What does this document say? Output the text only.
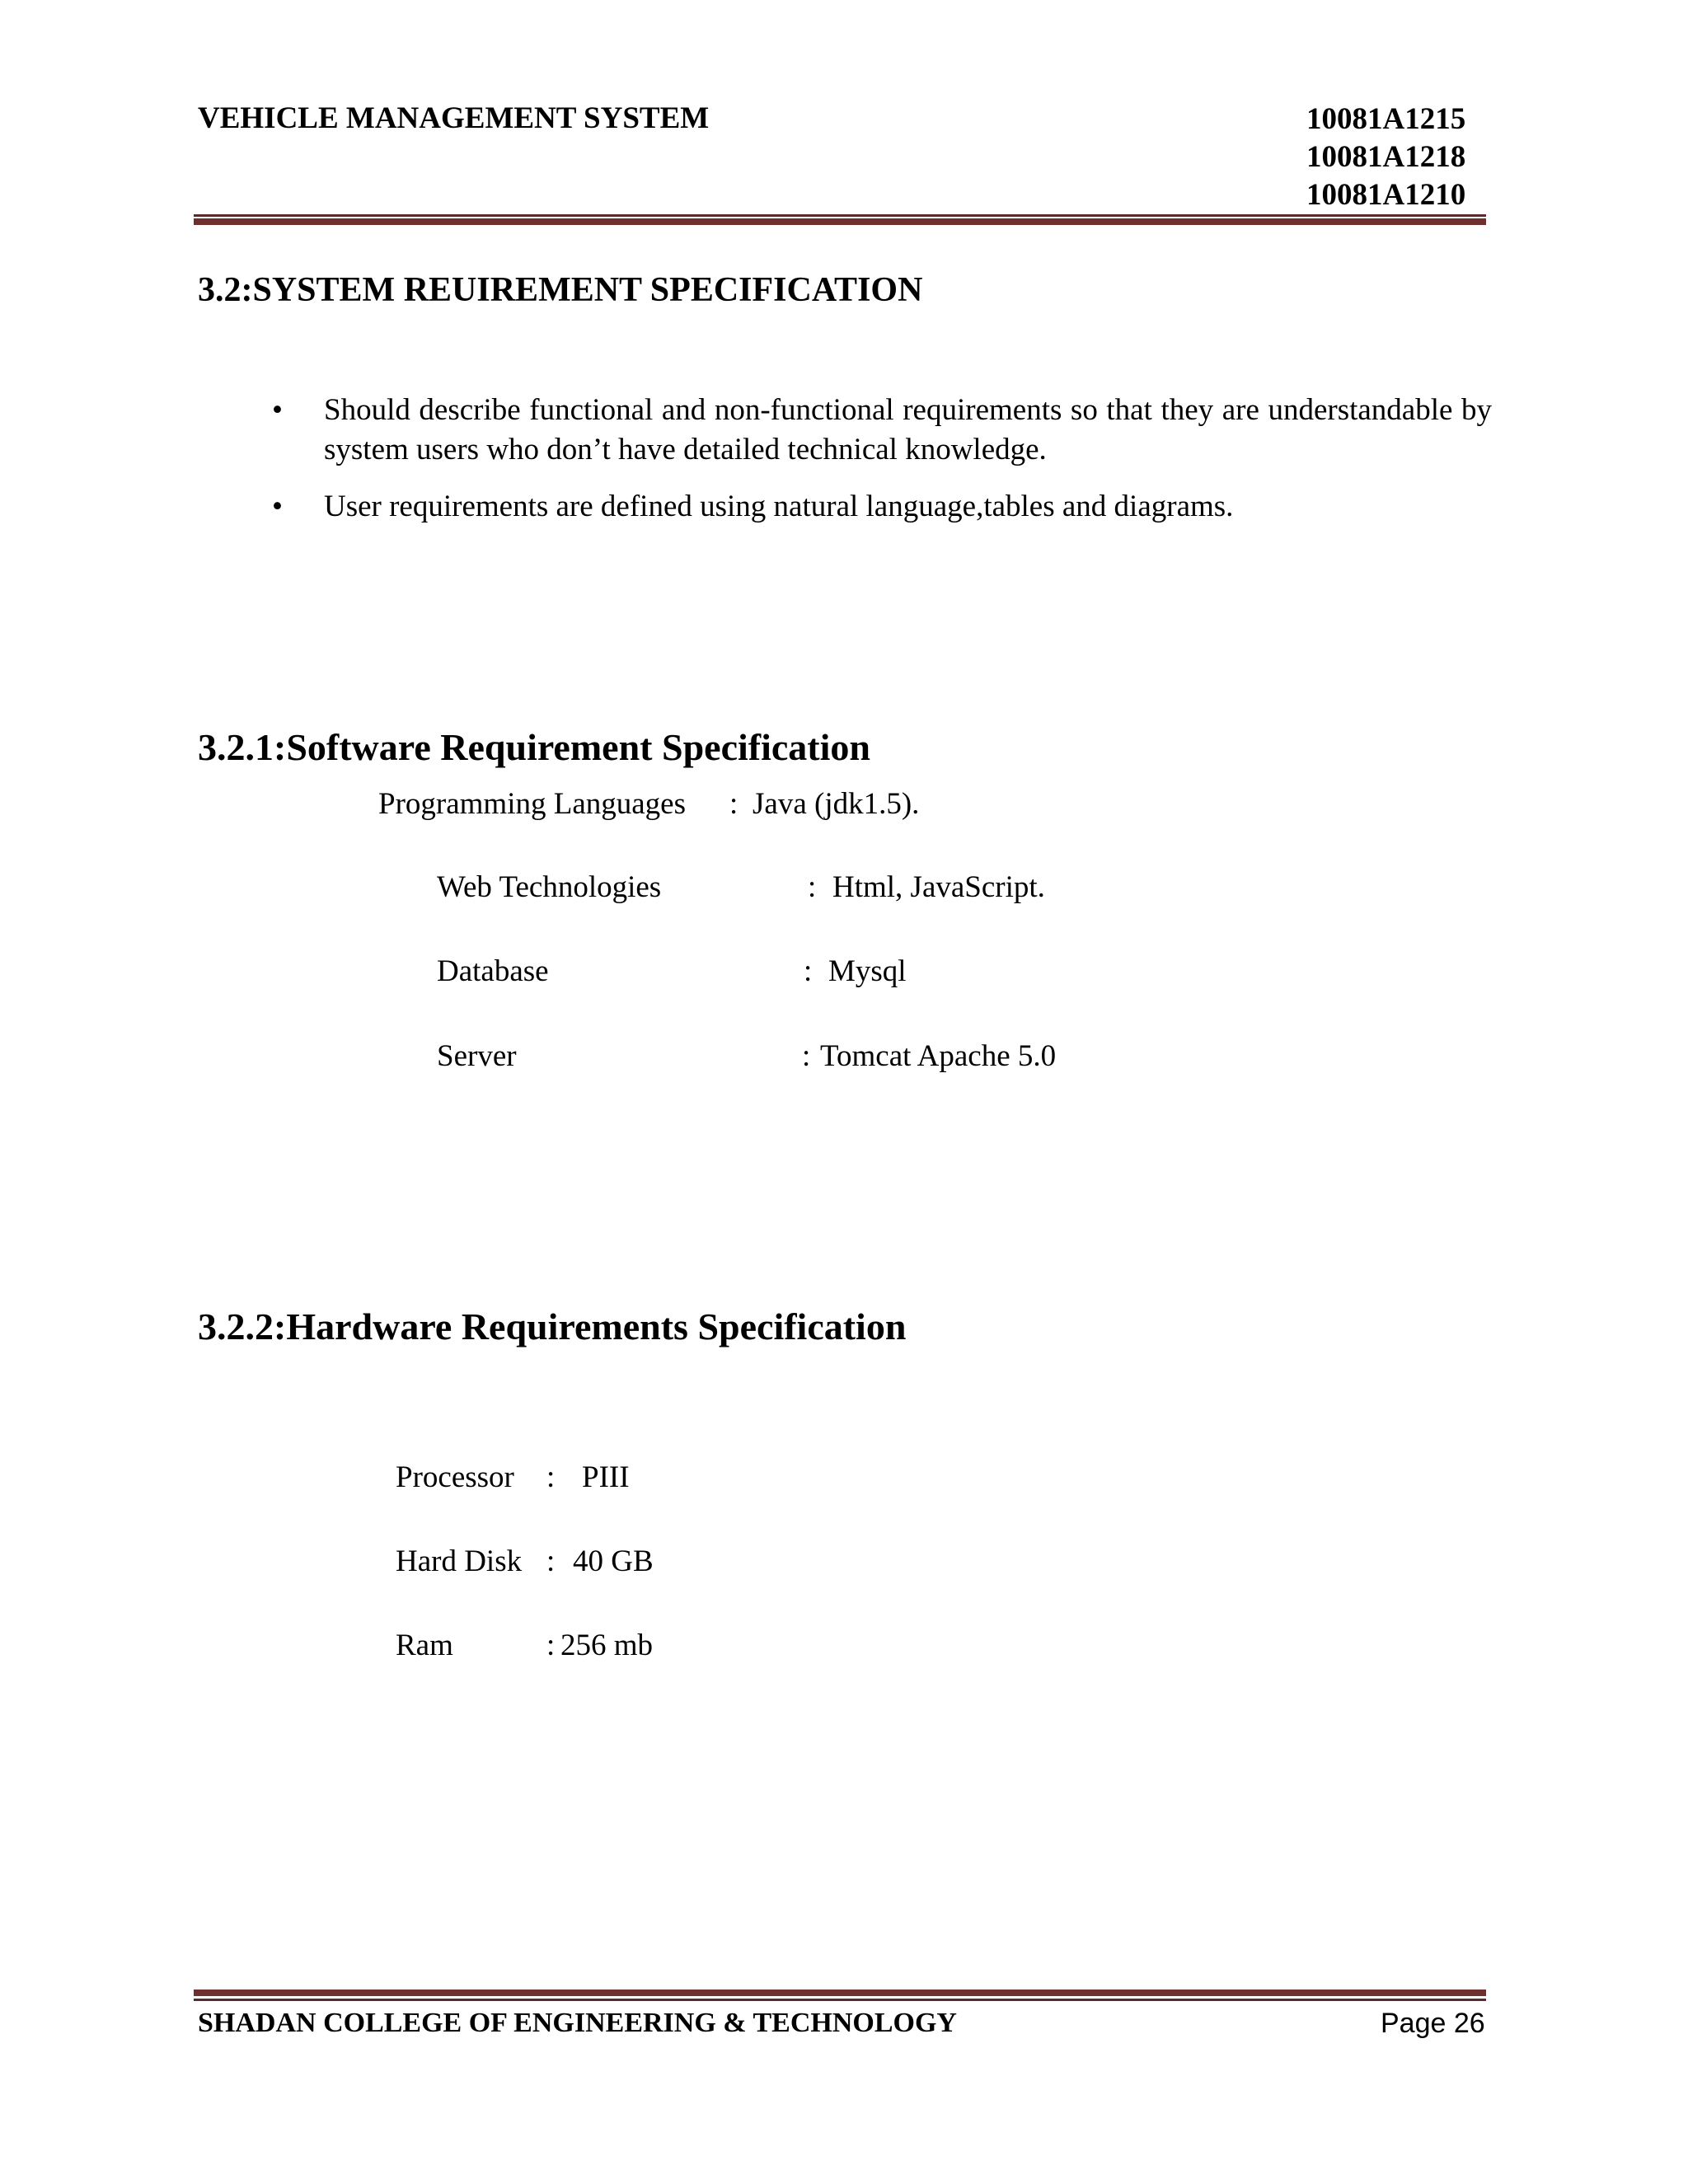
VEHICLE MANAGEMENT SYSTEM	10081A1215
10081A1218
10081A1210
3.2:SYSTEM REUIREMENT SPECIFICATION
• Should describe functional and non-functional requirements so that they are understandable by system users who don’t have detailed technical knowledge.
• User requirements are defined using natural language,tables and diagrams.
3.2.1:Software Requirement Specification
Programming Languages : Java (jdk1.5).
Web Technologies	: Html, JavaScript.
Database	: Mysql
Server	: Tomcat Apache 5.0
3.2.2:Hardware Requirements Specification
Processor : PIII
Hard Disk : 40 GB
Ram	: 256 mb
SHADAN COLLEGE OF ENGINEERING & TECHNOLOGY	Page 26
